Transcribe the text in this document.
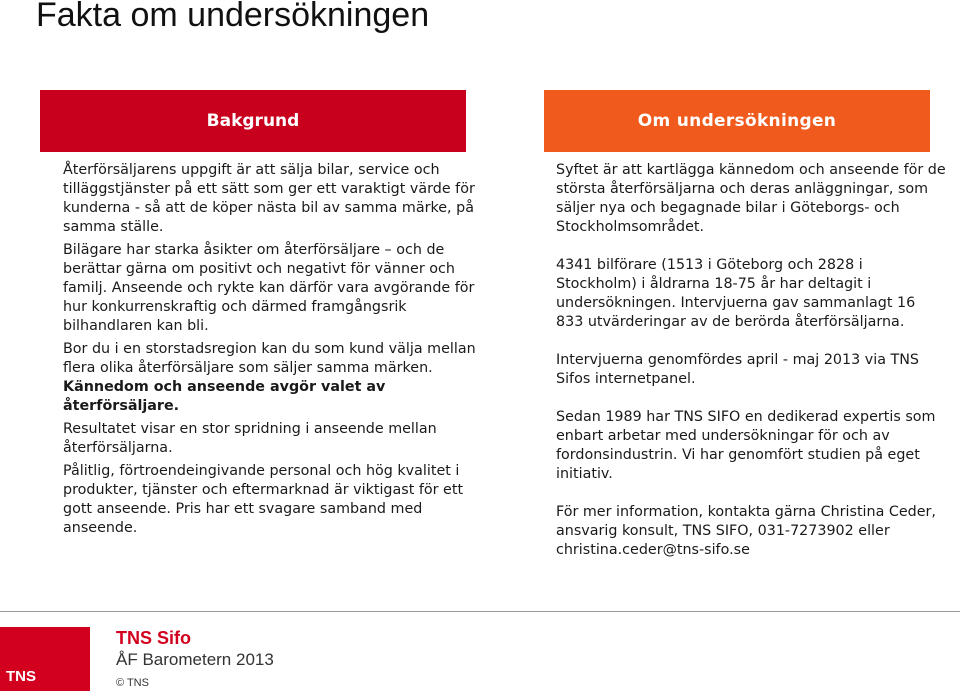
Fakta om undersökningen
Bakgrund	Om undersökningen

Återförsäljarens uppgift är att sälja bilar, service och tilläggstjänster på ett sätt som ger ett varaktigt värde för kunderna - så att de köper nästa bil av samma märke, på samma ställe.

Bilägare har starka åsikter om återförsäljare – och de berättar gärna om positivt och negativt för vänner och familj. Anseende och rykte kan därför vara avgörande för hur konkurrenskraftig och därmed framgångsrik bilhandlaren kan bli.

Bor du i en storstadsregion kan du som kund välja mellan flera olika återförsäljare som säljer samma märken. Kännedom och anseende avgör valet av återförsäljare.

Resultatet visar en stor spridning i anseende mellan återförsäljarna.

Pålitlig, förtroendeingivande personal och hög kvalitet i produkter, tjänster och eftermarknad är viktigast för ett gott anseende. Pris har ett svagare samband med anseende.

Syftet är att kartlägga kännedom och anseende för de största återförsäljarna och deras anläggningar, som säljer nya och begagnade bilar i Göteborgs- och Stockholmsområdet.

4341 bilförare (1513 i Göteborg och 2828 i Stockholm) i åldrarna 18-75 år har deltagit i undersökningen. Intervjuerna gav sammanlagt 16 833 utvärderingar av de berörda återförsäljarna.

Intervjuerna genomfördes april - maj 2013 via TNS Sifos internetpanel.

Sedan 1989 har TNS SIFO en dedikerad expertis som enbart arbetar med undersökningar för och av fordonsindustrin. Vi har genomfört studien på eget initiativ.

För mer information, kontakta gärna Christina Ceder, ansvarig konsult, TNS SIFO, 031-7273902 eller christina.ceder@tns-sifo.se

TNS
TNS Sifo
ÅF Barometern 2013
© TNS
